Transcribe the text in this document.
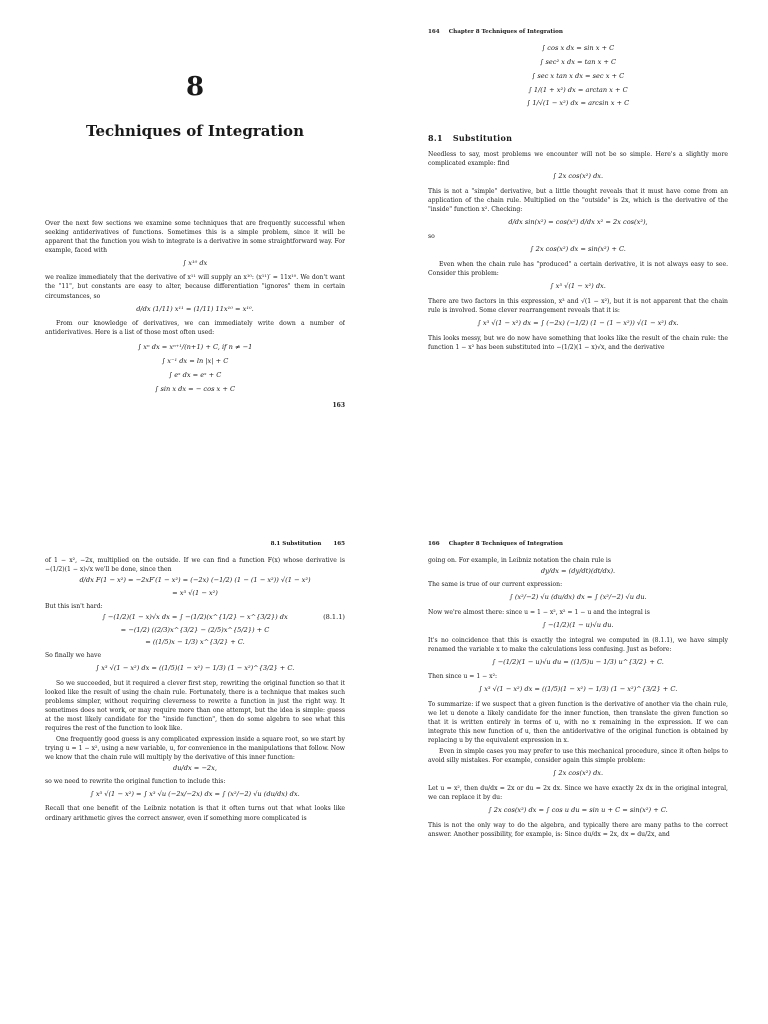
8
Techniques of Integration

Over the next few sections we examine some techniques that are frequently successful when seeking antiderivatives of functions. Sometimes this is a simple problem, since it will be apparent that the function you wish to integrate is a derivative in some straightforward way. For example, faced with

∫ x¹⁰ dx

we realize immediately that the derivative of x¹¹ will supply an x¹⁰: (x¹¹)′ = 11x¹⁰. We don't want the "11", but constants are easy to alter, because differentiation "ignores" them in certain circumstances, so

d/dx (1/11) x¹¹ = (1/11) 11x¹⁰ = x¹⁰.

From our knowledge of derivatives, we can immediately write down a number of antiderivatives. Here is a list of those most often used:

∫ xⁿ dx = xⁿ⁺¹/(n+1) + C, if n ≠ −1
∫ x⁻¹ dx = ln |x| + C
∫ eˣ dx = eˣ + C
∫ sin x dx = − cos x + C
163
164 Chapter 8 Techniques of Integration
∫ cos x dx = sin x + C
∫ sec² x dx = tan x + C
∫ sec x tan x dx = sec x + C
∫ 1/(1 + x²) dx = arctan x + C
∫ 1/√(1 − x²) dx = arcsin x + C
8.1 Substitution

Needless to say, most problems we encounter will not be so simple. Here's a slightly more complicated example: find

∫ 2x cos(x²) dx.

This is not a "simple" derivative, but a little thought reveals that it must have come from an application of the chain rule. Multiplied on the "outside" is 2x, which is the derivative of the "inside" function x². Checking:

d/dx sin(x²) = cos(x²) d/dx x² = 2x cos(x²),

so

∫ 2x cos(x²) dx = sin(x²) + C.

Even when the chain rule has "produced" a certain derivative, it is not always easy to see. Consider this problem:

∫ x³ √(1 − x²) dx.

There are two factors in this expression, x³ and √(1 − x²), but it is not apparent that the chain rule is involved. Some clever rearrangement reveals that it is:

∫ x³ √(1 − x²) dx = ∫ (−2x) (−1/2) (1 − (1 − x²)) √(1 − x²) dx.

This looks messy, but we do now have something that looks like the result of the chain rule: the function 1 − x² has been substituted into −(1/2)(1 − x)√x, and the derivative

8.1 Substitution 165

of 1 − x², −2x, multiplied on the outside. If we can find a function F(x) whose derivative is −(1/2)(1 − x)√x we'll be done, since then

d/dx F(1 − x²) = −2xF′(1 − x²) = (−2x) (−1/2) (1 − (1 − x²)) √(1 − x²)
= x³ √(1 − x²)

But this isn't hard:

∫ −(1/2)(1 − x)√x dx = ∫ −(1/2)(x^{1/2} − x^{3/2}) dx	(8.1.1)
= −(1/2) ((2/3)x^{3/2} − (2/5)x^{5/2}) + C
= ((1/5)x − 1/3) x^{3/2} + C.

So finally we have

∫ x³ √(1 − x²) dx = ((1/5)(1 − x²) − 1/3) (1 − x²)^{3/2} + C.

So we succeeded, but it required a clever first step, rewriting the original function so that it looked like the result of using the chain rule. Fortunately, there is a technique that makes such problems simpler, without requiring cleverness to rewrite a function in just the right way. It sometimes does not work, or may require more than one attempt, but the idea is simple: guess at the most likely candidate for the "inside function", then do some algebra to see what this requires the rest of the function to look like.

One frequently good guess is any complicated expression inside a square root, so we start by trying u = 1 − x², using a new variable, u, for convenience in the manipulations that follow. Now we know that the chain rule will multiply by the derivative of this inner function:

du/dx = −2x,

so we need to rewrite the original function to include this:

∫ x³ √(1 − x²) = ∫ x³ √u (−2x/−2x) dx = ∫ (x²/−2) √u (du/dx) dx.

Recall that one benefit of the Leibniz notation is that it often turns out that what looks like ordinary arithmetic gives the correct answer, even if something more complicated is

166 Chapter 8 Techniques of Integration

going on. For example, in Leibniz notation the chain rule is

dy/dx = (dy/dt)(dt/dx).

The same is true of our current expression:

∫ (x²/−2) √u (du/dx) dx = ∫ (x²/−2) √u du.

Now we're almost there: since u = 1 − x², x² = 1 − u and the integral is

∫ −(1/2)(1 − u)√u du.

It's no coincidence that this is exactly the integral we computed in (8.1.1), we have simply renamed the variable x to make the calculations less confusing. Just as before:

∫ −(1/2)(1 − u)√u du = ((1/5)u − 1/3) u^{3/2} + C.

Then since u = 1 − x²:

∫ x³ √(1 − x²) dx = ((1/5)(1 − x²) − 1/3) (1 − x²)^{3/2} + C.

To summarize: if we suspect that a given function is the derivative of another via the chain rule, we let u denote a likely candidate for the inner function, then translate the given function so that it is written entirely in terms of u, with no x remaining in the expression. If we can integrate this new function of u, then the antiderivative of the original function is obtained by replacing u by the equivalent expression in x.

Even in simple cases you may prefer to use this mechanical procedure, since it often helps to avoid silly mistakes. For example, consider again this simple problem:

∫ 2x cos(x²) dx.

Let u = x², then du/dx = 2x or du = 2x dx. Since we have exactly 2x dx in the original integral, we can replace it by du:

∫ 2x cos(x²) dx = ∫ cos u du = sin u + C = sin(x²) + C.

This is not the only way to do the algebra, and typically there are many paths to the correct answer. Another possibility, for example, is: Since du/dx = 2x, dx = du/2x, and
